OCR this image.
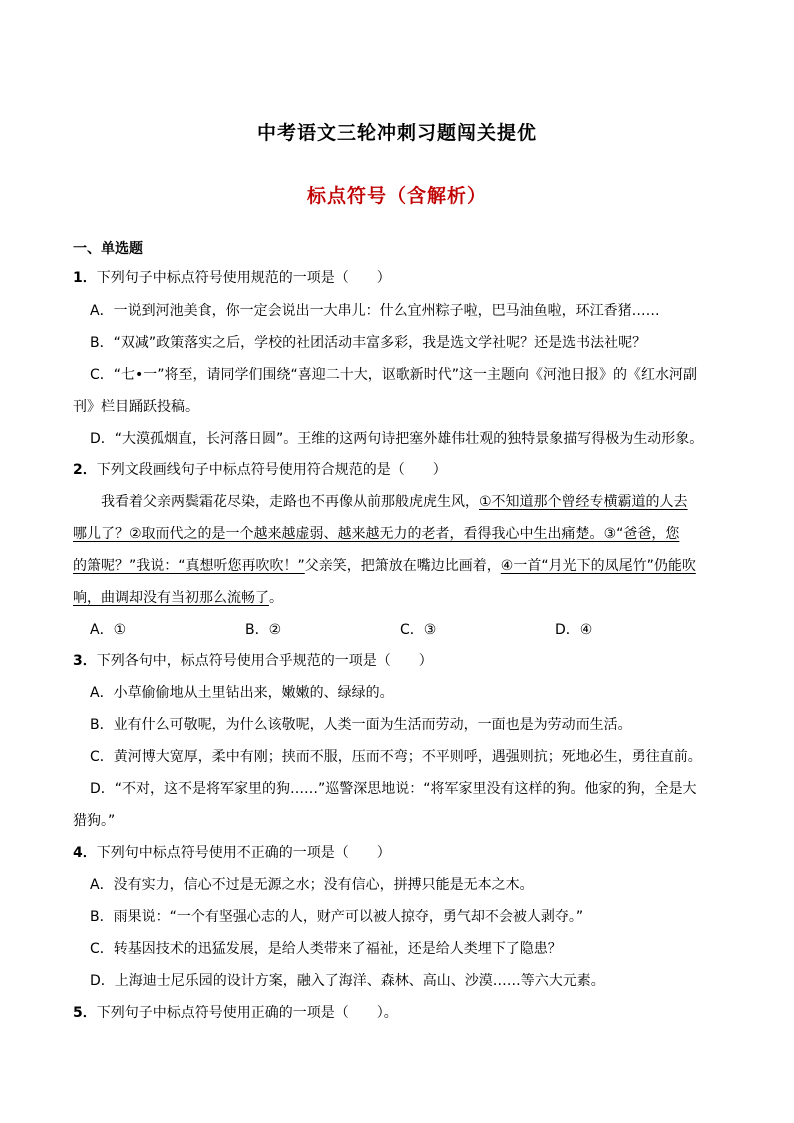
中考语文三轮冲刺习题闯关提优
标点符号（含解析）
一、单选题
1．下列句子中标点符号使用规范的一项是（　　）
A．一说到河池美食，你一定会说出一大串儿：什么宜州粽子啦，巴马油鱼啦，环江香猪……
B．“双减”政策落实之后，学校的社团活动丰富多彩，我是选文学社呢？还是选书法社呢？
C．“七•一”将至，请同学们围绕“喜迎二十大，讴歌新时代”这一主题向《河池日报》的《红水河副
刊》栏目踊跃投稿。
D．“大漠孤烟直，长河落日圆”。王维的这两句诗把塞外雄伟壮观的独特景象描写得极为生动形象。
2．下列文段画线句子中标点符号使用符合规范的是（　　）
　　我看着父亲两鬓霜花尽染，走路也不再像从前那般虎虎生风，①不知道那个曾经专横霸道的人去
哪儿了？②取而代之的是一个越来越虚弱、越来越无力的老者，看得我心中生出痛楚。③“爸爸，您
的箫呢？”我说：“真想听您再吹吹！”父亲笑，把箫放在嘴边比画着，④一首“月光下的凤尾竹”仍能吹
响，曲调却没有当初那么流畅了。
A．①	B．②	C．③	D．④
3．下列各句中，标点符号使用合乎规范的一项是（　　）
A．小草偷偷地从土里钻出来，嫩嫩的、绿绿的。
B．业有什么可敬呢，为什么该敬呢，人类一面为生活而劳动，一面也是为劳动而生活。
C．黄河博大宽厚，柔中有刚；挟而不服，压而不弯；不平则呼，遇强则抗；死地必生，勇往直前。
D．“不对，这不是将军家里的狗……”巡警深思地说：“将军家里没有这样的狗。他家的狗，全是大
猎狗。”
4．下列句中标点符号使用不正确的一项是（　　）
A．没有实力，信心不过是无源之水；没有信心，拼搏只能是无本之木。
B．雨果说：“一个有坚强心志的人，财产可以被人掠夺，勇气却不会被人剥夺。”
C．转基因技术的迅猛发展，是给人类带来了福祉，还是给人类埋下了隐患？
D．上海迪士尼乐园的设计方案，融入了海洋、森林、高山、沙漠……等六大元素。
5．下列句子中标点符号使用正确的一项是（　　）。
